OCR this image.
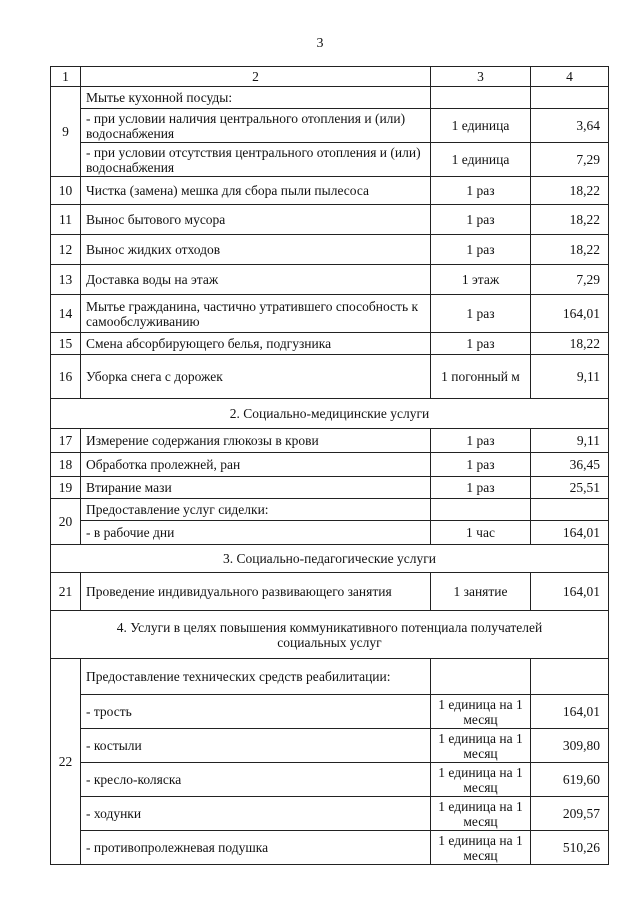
3
1	2	3	4
9	Мытье кухонной посуды:		
	- при условии наличия центрального отопления и (или) водоснабжения	1 единица	3,64
	- при условии отсутствия центрального отопления и (или) водоснабжения	1 единица	7,29
10	Чистка (замена) мешка для сбора пыли пылесоса	1 раз	18,22
11	Вынос бытового мусора	1 раз	18,22
12	Вынос жидких отходов	1 раз	18,22
13	Доставка воды на этаж	1 этаж	7,29
14	Мытье гражданина, частично утратившего способность к самообслуживанию	1 раз	164,01
15	Смена абсорбирующего белья, подгузника	1 раз	18,22
16	Уборка снега с дорожек	1 погонный м	9,11
2. Социально-медицинские услуги			
17	Измерение содержания глюкозы в крови	1 раз	9,11
18	Обработка пролежней, ран	1 раз	36,45
19	Втирание мази	1 раз	25,51
20	Предоставление услуг сиделки:		
	- в рабочие дни	1 час	164,01
3. Социально-педагогические услуги			
21	Проведение индивидуального развивающего занятия	1 занятие	164,01
4. Услуги в целях повышения коммуникативного потенциала получателей социальных услуг			
22	Предоставление технических средств реабилитации:		
	- трость	1 единица на 1 месяц	164,01
	- костыли	1 единица на 1 месяц	309,80
	- кресло-коляска	1 единица на 1 месяц	619,60
	- ходунки	1 единица на 1 месяц	209,57
	- противопролежневая подушка	1 единица на 1 месяц	510,26
